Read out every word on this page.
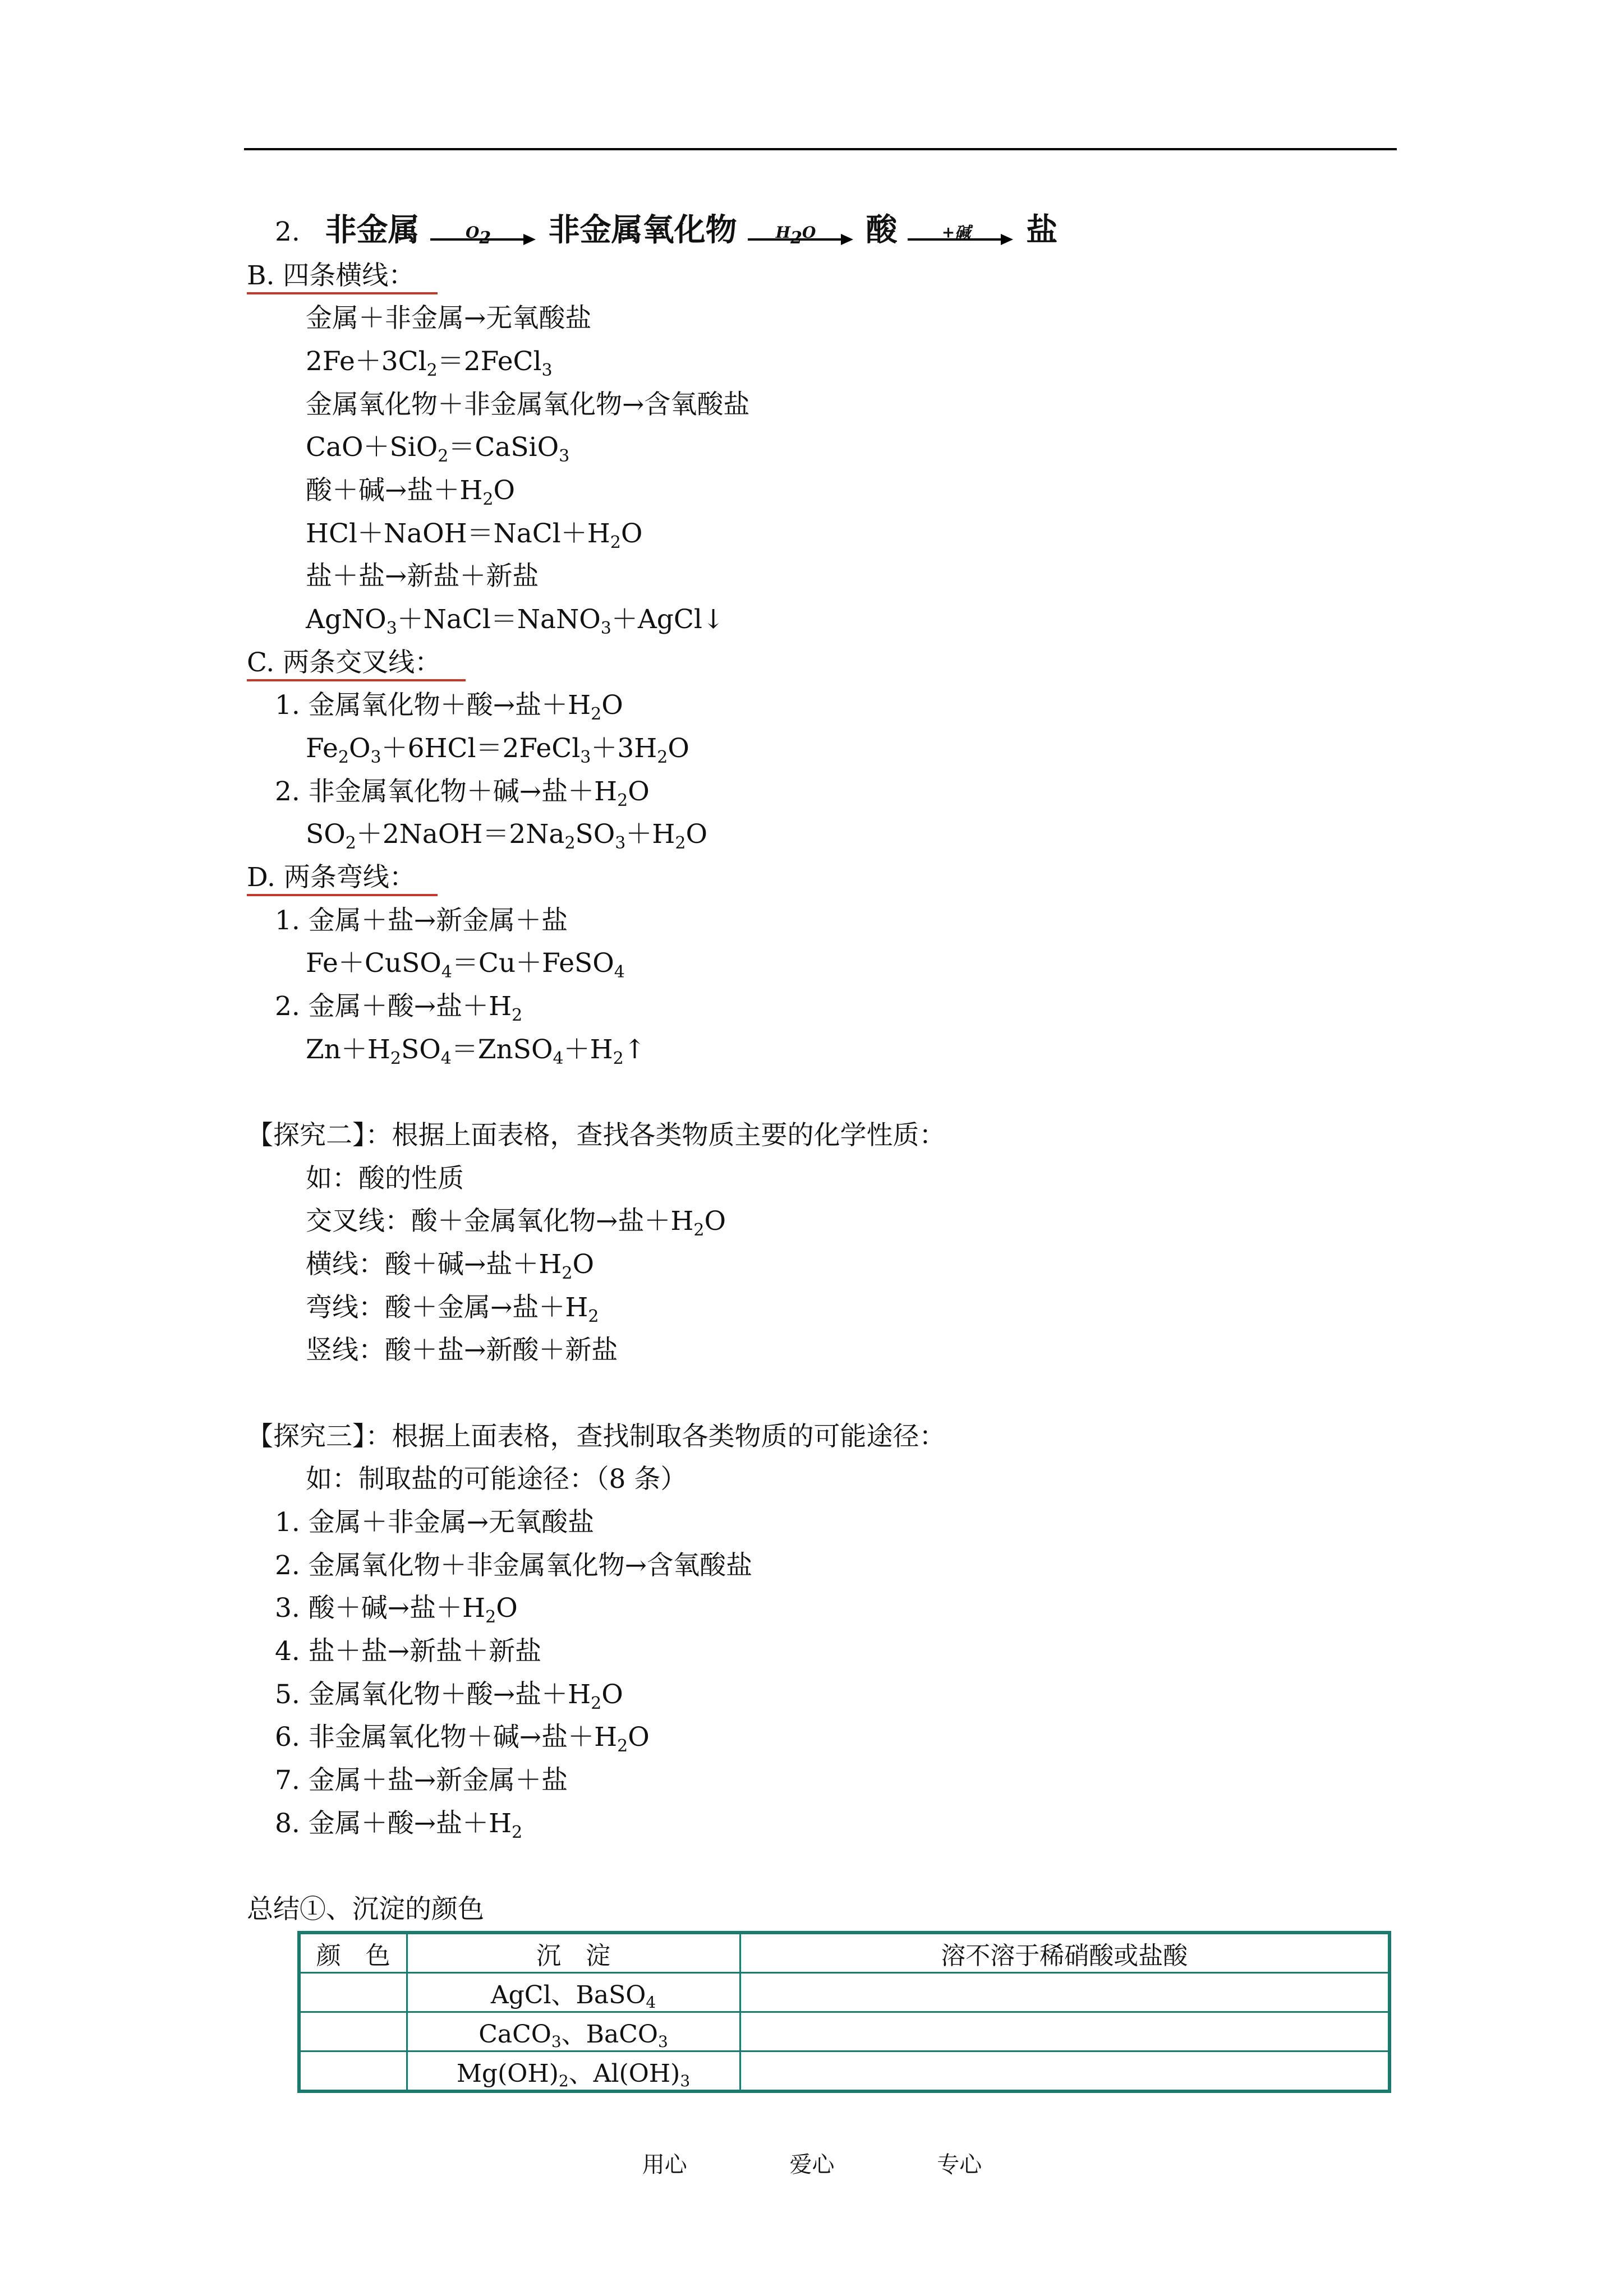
2. 非金属	$O_2$	非金属氧化物	$H_2O$	酸	+碱	盐
B. 四条横线：
金属＋非金属→无氧酸盐
$2Fe+3Cl_2=2FeCl_3$
金属氧化物＋非金属氧化物→含氧酸盐
CaO＋SiO$_2$＝CaSiO$_3$
酸＋碱→盐$+H_2O$
$HCl+NaOH=NaCl+H_2O$
盐＋盐→新盐＋新盐
AgNO$_3$＋NaCl＝NaNO$_3$＋AgCl↓
C. 两条交叉线：
1. 金属氧化物＋酸→盐$+H_2O$
$Fe_2O_3+6HCl=2FeCl_3+3H_2O$
2. 非金属氧化物＋碱→盐$+H_2O$
$SO_2+2NaOH=2Na_2SO_3+H_2O$
D. 两条弯线：
1. 金属＋盐→新金属＋盐
Fe＋CuSO$_4$＝Cu＋FeSO$_4$
2. 金属＋酸→盐$+H_2$
$Zn+H_2SO_4=ZnSO_4+H_2↑$
【探究二】：根据上面表格，查找各类物质主要的化学性质：
如：酸的性质
交叉线：酸＋金属氧化物→盐$+H_2O$
横线：酸＋碱→盐$+H_2O$
弯线：酸＋金属→盐$+H_2$
竖线：酸＋盐→新酸＋新盐
【探究三】：根据上面表格，查找制取各类物质的可能途径：
如：制取盐的可能途径：（8 条）
1. 金属＋非金属→无氧酸盐
2. 金属氧化物＋非金属氧化物→含氧酸盐
3. 酸＋碱→盐$+H_2O$
4. 盐＋盐→新盐＋新盐
5. 金属氧化物＋酸→盐$+H_2O$
6. 非金属氧化物＋碱→盐$+H_2O$
7. 金属＋盐→新金属＋盐
8. 金属＋酸→盐$+H_2$
总结①、沉淀的颜色
颜　色	沉　淀	溶不溶于稀硝酸或盐酸
	AgCl、BaSO$_4$	
	CaCO$_3$、BaCO$_3$	
	$Mg(OH)_2$、$Al(OH)_3$	
用心	爱心	专心
